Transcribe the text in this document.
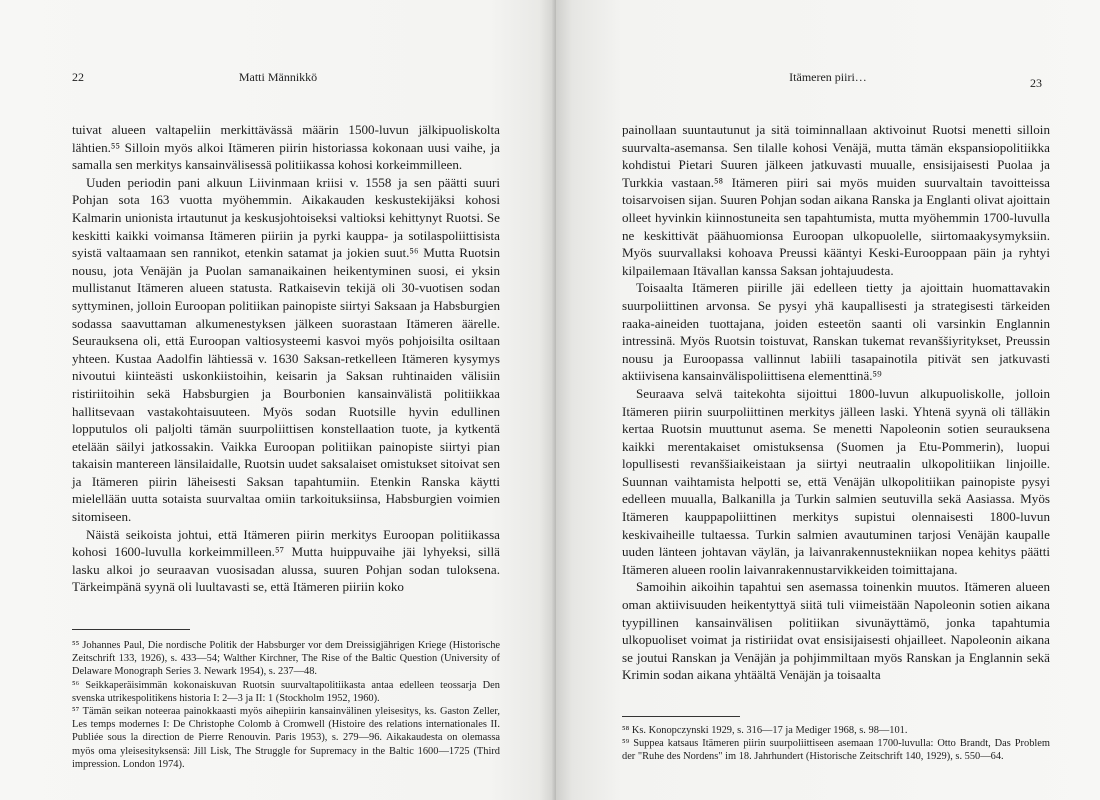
22	Matti Männikkö

tuivat alueen valtapeliin merkittävässä määrin 1500-luvun jälkipuoliskolta lähtien.⁵⁵ Silloin myös alkoi Itämeren piirin historiassa kokonaan uusi vaihe, ja samalla sen merkitys kansainvälisessä politiikassa kohosi korkeimmilleen.

Uuden periodin pani alkuun Liivinmaan kriisi v. 1558 ja sen päätti suuri Pohjan sota 163 vuotta myöhemmin. Aikakauden keskustekijäksi kohosi Kalmarin unionista irtautunut ja keskusjohtoiseksi valtioksi kehittynyt Ruotsi. Se keskitti kaikki voimansa Itämeren piiriin ja pyrki kauppa- ja sotilaspoliittisista syistä valtaamaan sen rannikot, etenkin satamat ja jokien suut.⁵⁶ Mutta Ruotsin nousu, jota Venäjän ja Puolan samanaikainen heikentyminen suosi, ei yksin mullistanut Itämeren alueen statusta. Ratkaisevin tekijä oli 30-vuotisen sodan syttyminen, jolloin Euroopan politiikan painopiste siirtyi Saksaan ja Habsburgien sodassa saavuttaman alkumenestyksen jälkeen suorastaan Itämeren äärelle. Seurauksena oli, että Euroopan valtiosysteemi kasvoi myös pohjoisilta osiltaan yhteen. Kustaa Aadolfin lähtiessä v. 1630 Saksan-retkelleen Itämeren kysymys nivoutui kiinteästi uskonkiistoihin, keisarin ja Saksan ruhtinaiden välisiin ristiriitoihin sekä Habsburgien ja Bourbonien kansainvälistä politiikkaa hallitsevaan vastakohtaisuuteen. Myös sodan Ruotsille hyvin edullinen lopputulos oli paljolti tämän suurpoliittisen konstellaation tuote, ja kytkentä etelään säilyi jatkossakin. Vaikka Euroopan politiikan painopiste siirtyi pian takaisin mantereen länsilaidalle, Ruotsin uudet saksalaiset omistukset sitoivat sen ja Itämeren piirin läheisesti Saksan tapahtumiin. Etenkin Ranska käytti mielellään uutta sotaista suurvaltaa omiin tarkoituksiinsa, Habsburgien voimien sitomiseen.

Näistä seikoista johtui, että Itämeren piirin merkitys Euroopan politiikassa kohosi 1600-luvulla korkeimmilleen.⁵⁷ Mutta huippuvaihe jäi lyhyeksi, sillä lasku alkoi jo seuraavan vuosisadan alussa, suuren Pohjan sodan tuloksena. Tärkeimpänä syynä oli luultavasti se, että Itämeren piiriin koko

⁵⁵ Johannes Paul, Die nordische Politik der Habsburger vor dem Dreissigjährigen Kriege (Historische Zeitschrift 133, 1926), s. 433—54; Walther Kirchner, The Rise of the Baltic Question (University of Delaware Monograph Series 3. Newark 1954), s. 237—48.

⁵⁶ Seikkaperäisimmän kokonaiskuvan Ruotsin suurvaltapolitiikasta antaa edelleen teossarja Den svenska utrikespolitikens historia I: 2—3 ja II: 1 (Stockholm 1952, 1960).

⁵⁷ Tämän seikan noteeraa painokkaasti myös aihepiirin kansainvälinen yleisesitys, ks. Gaston Zeller, Les temps modernes I: De Christophe Colomb à Cromwell (Histoire des relations internationales II. Publiée sous la direction de Pierre Renouvin. Paris 1953), s. 279—96. Aikakaudesta on olemassa myös oma yleisesityksensä: Jill Lisk, The Struggle for Supremacy in the Baltic 1600—1725 (Third impression. London 1974).

Itämeren piiri…	23

painollaan suuntautunut ja sitä toiminnallaan aktivoinut Ruotsi menetti silloin suurvalta-asemansa. Sen tilalle kohosi Venäjä, mutta tämän ekspansiopolitiikka kohdistui Pietari Suuren jälkeen jatkuvasti muualle, ensisijaisesti Puolaa ja Turkkia vastaan.⁵⁸ Itämeren piiri sai myös muiden suurvaltain tavoitteissa toisarvoisen sijan. Suuren Pohjan sodan aikana Ranska ja Englanti olivat ajoittain olleet hyvinkin kiinnostuneita sen tapahtumista, mutta myöhemmin 1700-luvulla ne keskittivät päähuomionsa Euroopan ulkopuolelle, siirtomaakysymyksiin. Myös suurvallaksi kohoava Preussi kääntyi Keski-Eurooppaan päin ja ryhtyi kilpailemaan Itävallan kanssa Saksan johtajuudesta.

Toisaalta Itämeren piirille jäi edelleen tietty ja ajoittain huomattavakin suurpoliittinen arvonsa. Se pysyi yhä kaupallisesti ja strategisesti tärkeiden raaka-aineiden tuottajana, joiden esteetön saanti oli varsinkin Englannin intressinä. Myös Ruotsin toistuvat, Ranskan tukemat revanššiyritykset, Preussin nousu ja Euroopassa vallinnut labiili tasapainotila pitivät sen jatkuvasti aktiivisena kansainvälispoliittisena elementtinä.⁵⁹

Seuraava selvä taitekohta sijoittui 1800-luvun alkupuoliskolle, jolloin Itämeren piirin suurpoliittinen merkitys jälleen laski. Yhtenä syynä oli tälläkin kertaa Ruotsin muuttunut asema. Se menetti Napoleonin sotien seurauksena kaikki merentakaiset omistuksensa (Suomen ja Etu-Pommerin), luopui lopullisesti revanššiaikeistaan ja siirtyi neutraalin ulkopolitiikan linjoille. Suunnan vaihtamista helpotti se, että Venäjän ulkopolitiikan painopiste pysyi edelleen muualla, Balkanilla ja Turkin salmien seutuvilla sekä Aasiassa. Myös Itämeren kauppapoliittinen merkitys supistui olennaisesti 1800-luvun keskivaiheille tultaessa. Turkin salmien avautuminen tarjosi Venäjän kaupalle uuden länteen johtavan väylän, ja laivanrakennustekniikan nopea kehitys päätti Itämeren alueen roolin laivanrakennustarvikkeiden toimittajana.

Samoihin aikoihin tapahtui sen asemassa toinenkin muutos. Itämeren alueen oman aktiivisuuden heikentyttyä siitä tuli viimeistään Napoleonin sotien aikana tyypillinen kansainvälisen politiikan sivunäyttämö, jonka tapahtumia ulkopuoliset voimat ja ristiriidat ovat ensisijaisesti ohjailleet. Napoleonin aikana se joutui Ranskan ja Venäjän ja pohjimmiltaan myös Ranskan ja Englannin sekä Krimin sodan aikana yhtäältä Venäjän ja toisaalta

⁵⁸ Ks. Konopczynski 1929, s. 316—17 ja Mediger 1968, s. 98—101.

⁵⁹ Suppea katsaus Itämeren piirin suurpoliittiseen asemaan 1700-luvulla: Otto Brandt, Das Problem der "Ruhe des Nordens" im 18. Jahrhundert (Historische Zeitschrift 140, 1929), s. 550—64.
